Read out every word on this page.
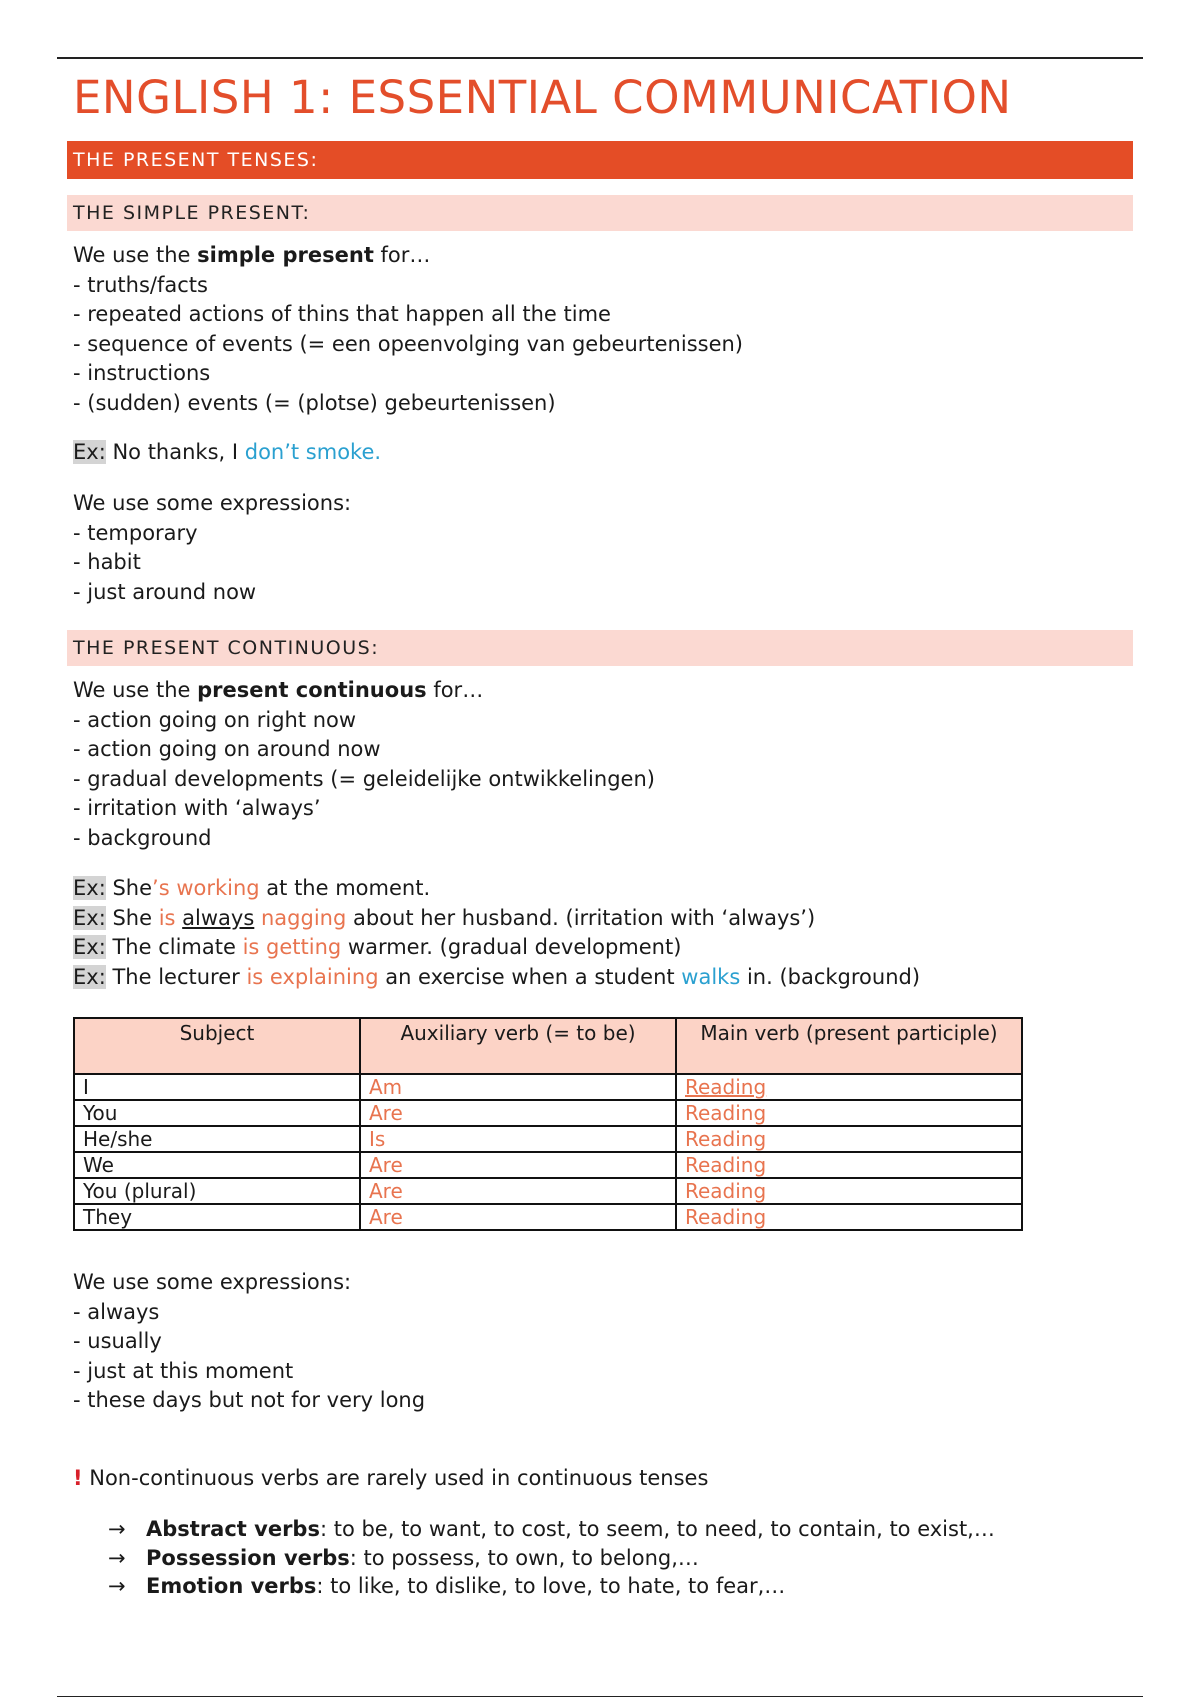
ENGLISH 1: ESSENTIAL COMMUNICATION
THE PRESENT TENSES:
THE SIMPLE PRESENT:

We use the simple present for…

- truths/facts

- repeated actions of thins that happen all the time

- sequence of events (= een opeenvolging van gebeurtenissen)

- instructions

- (sudden) events (= (plotse) gebeurtenissen)

Ex: No thanks, I don’t smoke.

We use some expressions:

- temporary

- habit

- just around now

THE PRESENT CONTINUOUS:

We use the present continuous for…

- action going on right now

- action going on around now

- gradual developments (= geleidelijke ontwikkelingen)

- irritation with ‘always’

- background

Ex: She’s working at the moment.

Ex: She is always nagging about her husband. (irritation with ‘always’)

Ex: The climate is getting warmer. (gradual development)

Ex: The lecturer is explaining an exercise when a student walks in. (background)

Subject	Auxiliary verb (= to be)	Main verb (present participle)
I	Am	Reading
You	Are	Reading
He/she	Is	Reading
We	Are	Reading
You (plural)	Are	Reading
They	Are	Reading

We use some expressions:

- always

- usually

- just at this moment

- these days but not for very long

! Non-continuous verbs are rarely used in continuous tenses

→ Abstract verbs: to be, to want, to cost, to seem, to need, to contain, to exist,…
→ Possession verbs: to possess, to own, to belong,…
→ Emotion verbs: to like, to dislike, to love, to hate, to fear,…
